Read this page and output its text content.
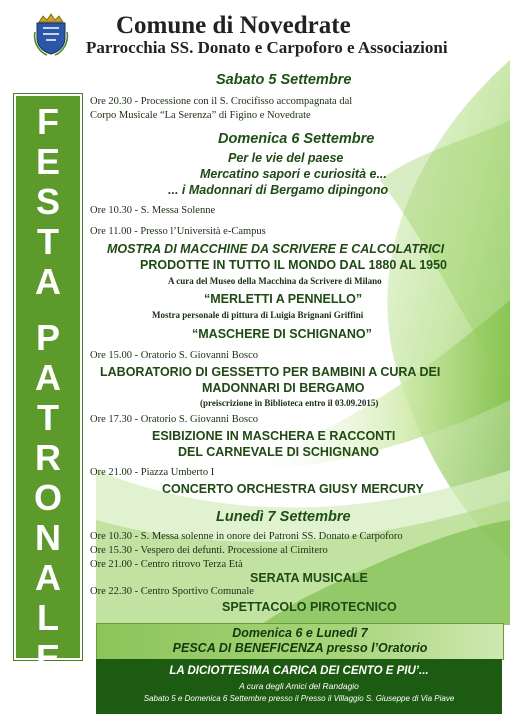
Comune di Novedrate
Parrocchia SS. Donato e Carpoforo e Associazioni
F
E
S
T
A
P
A
T
R
O
N
A
L
E
Sabato 5 Settembre
Ore 20.30 - Processione con il S. Crocifisso accompagnata dal
Corpo Musicale “La Serenza” di Figino e Novedrate
Domenica 6 Settembre
Per le vie del paese
Mercatino sapori e curiosità e...
... i Madonnari di Bergamo dipingono
Ore 10.30 - S. Messa Solenne
Ore 11.00 - Presso l’Università e-Campus
MOSTRA DI MACCHINE DA SCRIVERE E CALCOLATRICI
PRODOTTE IN TUTTO IL MONDO DAL 1880 AL 1950
A cura del Museo della Macchina da Scrivere di Milano
“MERLETTI A PENNELLO”
Mostra personale di pittura di Luigia Brignani Griffini
“MASCHERE DI SCHIGNANO”
Ore 15.00 - Oratorio S. Giovanni Bosco
LABORATORIO DI GESSETTO PER BAMBINI A CURA DEI
MADONNARI DI BERGAMO
(preiscrizione in Biblioteca entro il 03.09.2015)
Ore 17.30 - Oratorio S. Giovanni Bosco
ESIBIZIONE IN MASCHERA E RACCONTI
DEL CARNEVALE DI SCHIGNANO
Ore 21.00 - Piazza Umberto I
CONCERTO ORCHESTRA GIUSY MERCURY
Lunedì 7 Settembre
Ore 10.30 - S. Messa solenne in onore dei Patroni SS. Donato e Carpoforo
Ore 15.30 - Vespero dei defunti. Processione al Cimitero
Ore 21.00 - Centro ritrovo Terza Età
SERATA MUSICALE
Ore 22.30 - Centro Sportivo Comunale
SPETTACOLO PIROTECNICO
Domenica 6 e Lunedì 7
PESCA DI BENEFICENZA presso l’Oratorio
LA DICIOTTESIMA CARICA DEI CENTO E PIU’...
A cura degli Amici del Randagio
Sabato 5 e Domenica 6 Settembre presso il Presso il Villaggio S. Giuseppe di Via Piave
